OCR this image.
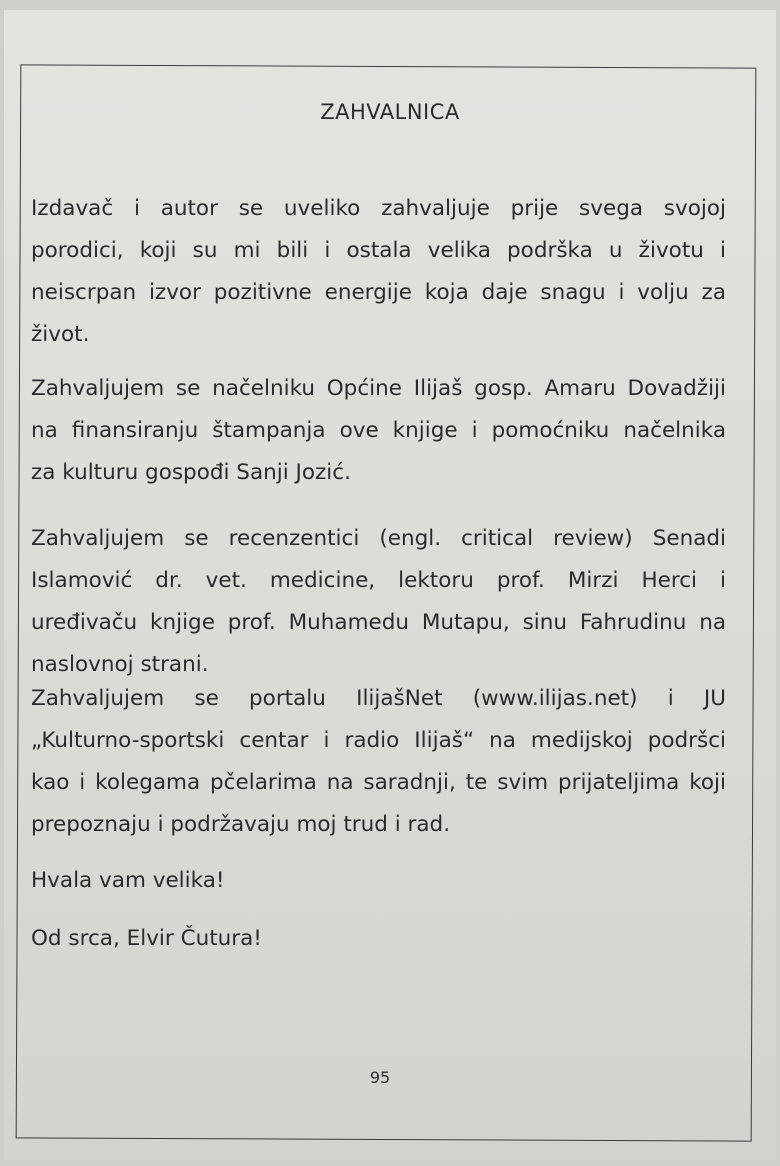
ZAHVALNICA
Izdavač i autor se uveliko zahvaljuje prije svega svojoj
porodici, koji su mi bili i ostala velika podrška u životu i
neiscrpan izvor pozitivne energije koja daje snagu i volju za
život.
Zahvaljujem se načelniku Općine Ilijaš gosp. Amaru Dovadžiji
na finansiranju štampanja ove knjige i pomoćniku načelnika
za kulturu gospođi Sanji Jozić.
Zahvaljujem se recenzentici (engl. critical review) Senadi
Islamović dr. vet. medicine, lektoru prof. Mirzi Herci i
uređivaču knjige prof. Muhamedu Mutapu, sinu Fahrudinu na
naslovnoj strani.
Zahvaljujem se portalu IlijašNet (www.ilijas.net) i JU
„Kulturno-sportski centar i radio Ilijaš“ na medijskoj podršci
kao i kolegama pčelarima na saradnji, te svim prijateljima koji
prepoznaju i podržavaju moj trud i rad.
Hvala vam velika!
Od srca, Elvir Čutura!
95
